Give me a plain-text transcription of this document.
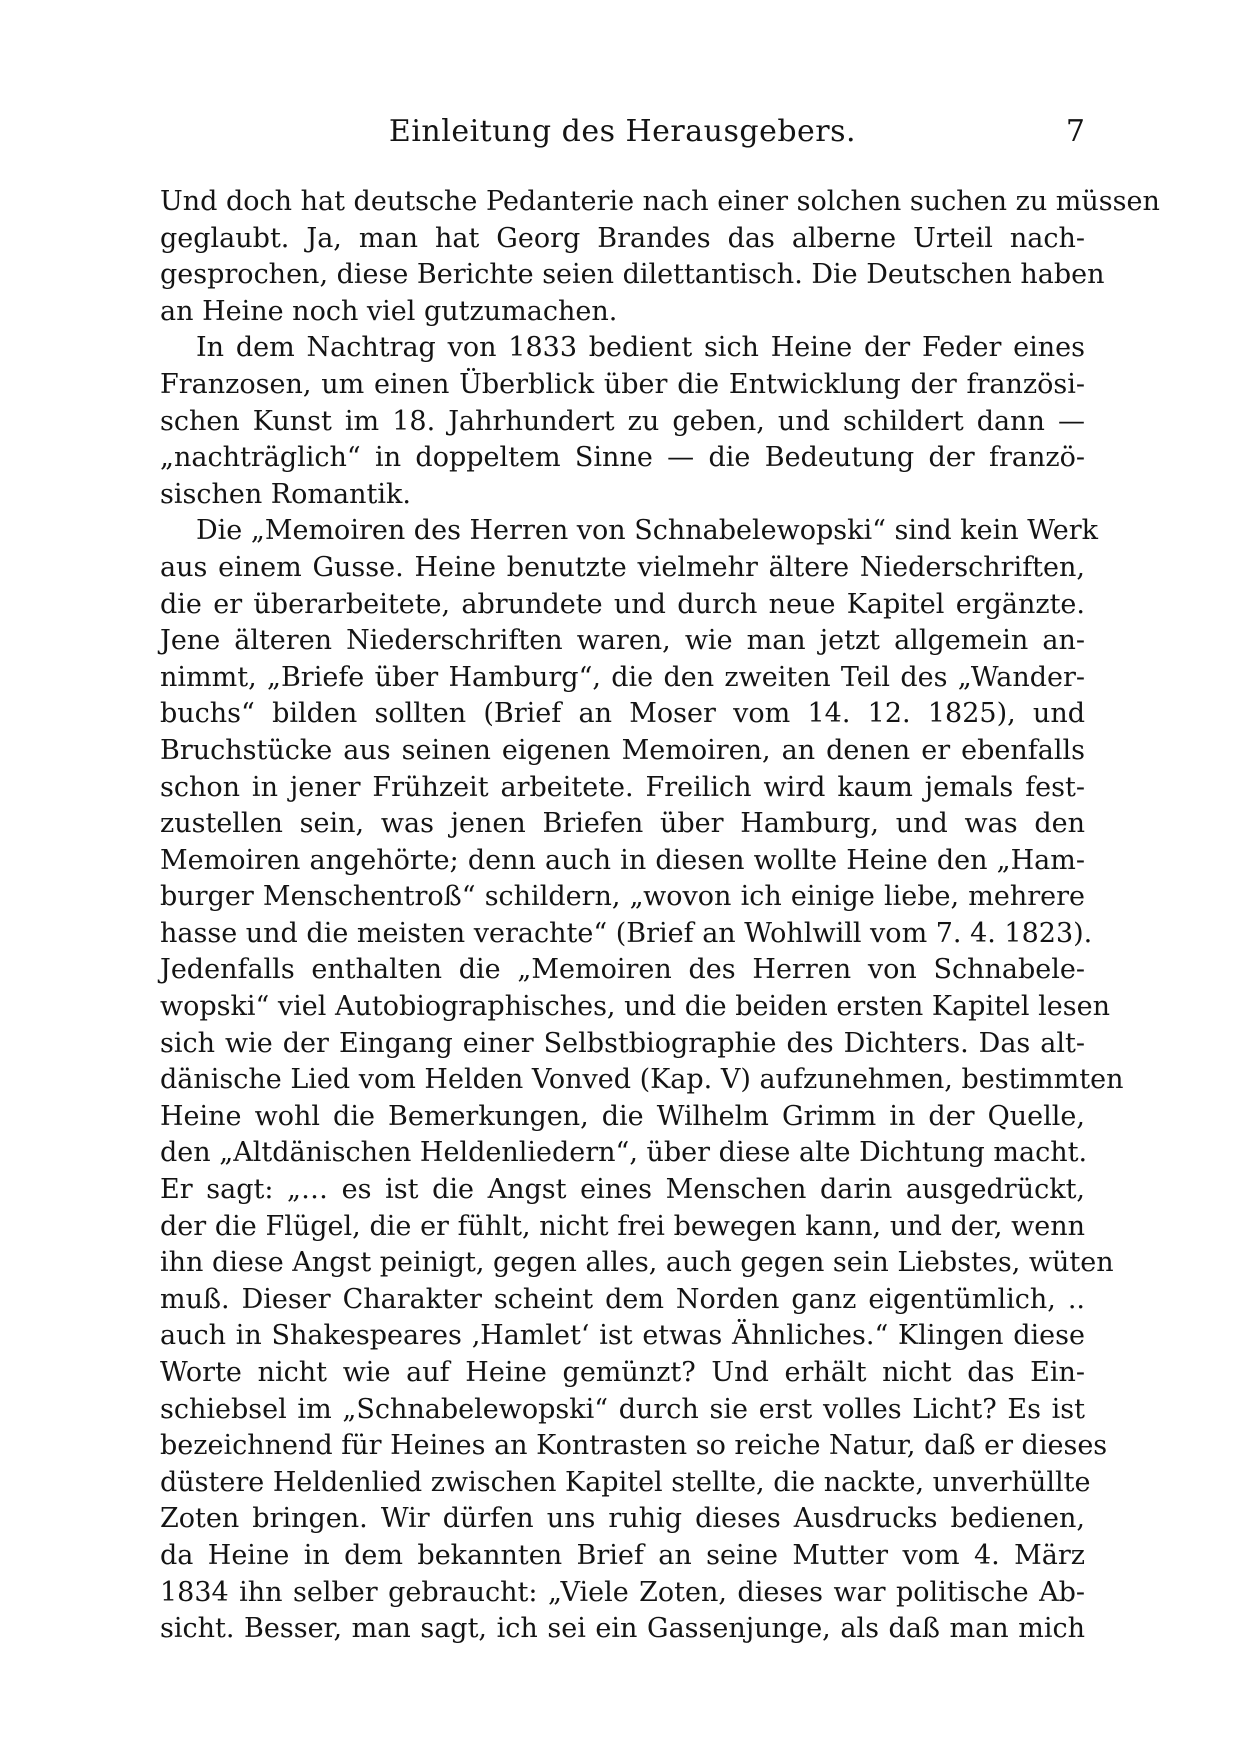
Einleitung des Herausgebers.	7
Und doch hat deutsche Pedanterie nach einer solchen suchen zu müssen
geglaubt. Ja, man hat Georg Brandes das alberne Urteil nach-
gesprochen, diese Berichte seien dilettantisch. Die Deutschen haben
an Heine noch viel gutzumachen.
In dem Nachtrag von 1833 bedient sich Heine der Feder eines
Franzosen, um einen Überblick über die Entwicklung der französi-
schen Kunst im 18. Jahrhundert zu geben, und schildert dann —
„nachträglich“ in doppeltem Sinne — die Bedeutung der franzö-
sischen Romantik.
Die „Memoiren des Herren von Schnabelewopski“ sind kein Werk
aus einem Gusse. Heine benutzte vielmehr ältere Niederschriften,
die er überarbeitete, abrundete und durch neue Kapitel ergänzte.
Jene älteren Niederschriften waren, wie man jetzt allgemein an-
nimmt, „Briefe über Hamburg“, die den zweiten Teil des „Wander-
buchs“ bilden sollten (Brief an Moser vom 14. 12. 1825), und
Bruchstücke aus seinen eigenen Memoiren, an denen er ebenfalls
schon in jener Frühzeit arbeitete. Freilich wird kaum jemals fest-
zustellen sein, was jenen Briefen über Hamburg, und was den
Memoiren angehörte; denn auch in diesen wollte Heine den „Ham-
burger Menschentroß“ schildern, „wovon ich einige liebe, mehrere
hasse und die meisten verachte“ (Brief an Wohlwill vom 7. 4. 1823).
Jedenfalls enthalten die „Memoiren des Herren von Schnabele-
wopski“ viel Autobiographisches, und die beiden ersten Kapitel lesen
sich wie der Eingang einer Selbstbiographie des Dichters. Das alt-
dänische Lied vom Helden Vonved (Kap. V) aufzunehmen, bestimmten
Heine wohl die Bemerkungen, die Wilhelm Grimm in der Quelle,
den „Altdänischen Heldenliedern“, über diese alte Dichtung macht.
Er sagt: „… es ist die Angst eines Menschen darin ausgedrückt,
der die Flügel, die er fühlt, nicht frei bewegen kann, und der, wenn
ihn diese Angst peinigt, gegen alles, auch gegen sein Liebstes, wüten
muß. Dieser Charakter scheint dem Norden ganz eigentümlich, ..
auch in Shakespeares ‚Hamlet‘ ist etwas Ähnliches.“ Klingen diese
Worte nicht wie auf Heine gemünzt? Und erhält nicht das Ein-
schiebsel im „Schnabelewopski“ durch sie erst volles Licht? Es ist
bezeichnend für Heines an Kontrasten so reiche Natur, daß er dieses
düstere Heldenlied zwischen Kapitel stellte, die nackte, unverhüllte
Zoten bringen. Wir dürfen uns ruhig dieses Ausdrucks bedienen,
da Heine in dem bekannten Brief an seine Mutter vom 4. März
1834 ihn selber gebraucht: „Viele Zoten, dieses war politische Ab-
sicht. Besser, man sagt, ich sei ein Gassenjunge, als daß man mich
